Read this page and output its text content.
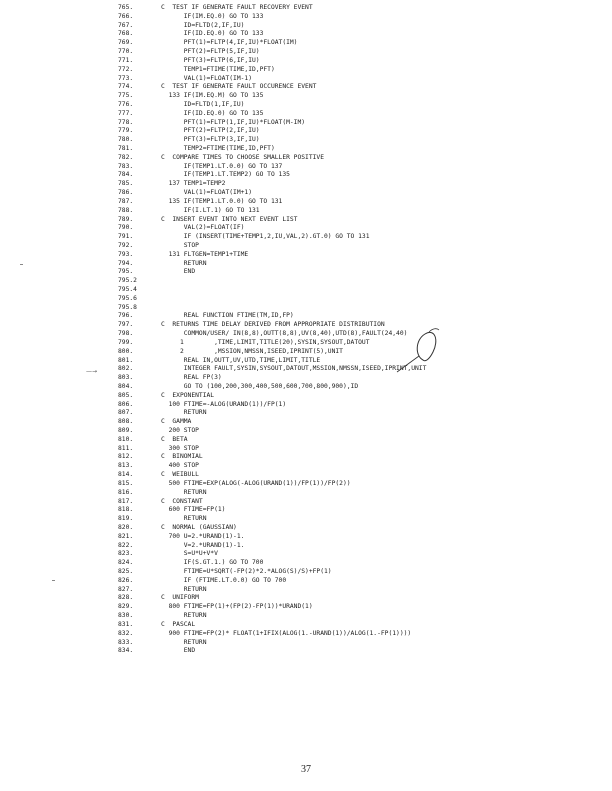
765.	C  TEST IF GENERATE FAULT RECOVERY EVENT
766.	IF(IM.EQ.0) GO TO 133
767.	ID=FLTD(2,IF,IU)
768.	IF(ID.EQ.0) GO TO 133
769.	PFT(1)=FLTP(4,IF,IU)*FLOAT(IM)
770.	PFT(2)=FLTP(5,IF,IU)
771.	PFT(3)=FLTP(6,IF,IU)
772.	TEMP1=FTIME(TIME,ID,PFT)
773.	VAL(1)=FLOAT(IM-1)
774.	C  TEST IF GENERATE FAULT OCCURENCE EVENT
775.	133 IF(IM.EQ.M) GO TO 135
776.	ID=FLTD(1,IF,IU)
777.	IF(ID.EQ.0) GO TO 135
778.	PFT(1)=FLTP(1,IF,IU)*FLOAT(M-IM)
779.	PFT(2)=FLTP(2,IF,IU)
780.	PFT(3)=FLTP(3,IF,IU)
781.	TEMP2=FTIME(TIME,ID,PFT)
782.	C  COMPARE TIMES TO CHOOSE SMALLER POSITIVE
783.	IF(TEMP1.LT.0.0) GO TO 137
784.	IF(TEMP1.LT.TEMP2) GO TO 135
785.	137 TEMP1=TEMP2
786.	VAL(1)=FLOAT(IM+1)
787.	135 IF(TEMP1.LT.0.0) GO TO 131
788.	IF(I.LT.1) GO TO 131
789.	C  INSERT EVENT INTO NEXT EVENT LIST
790.	VAL(2)=FLOAT(IF)
791.	IF (INSERT(TIME+TEMP1,2,IU,VAL,2).GT.0) GO TO 131
792.	STOP
793.	131 FLTGEN=TEMP1+TIME
794.	RETURN
795.	END
795.2
795.4
795.6
795.8
796.	REAL FUNCTION FTIME(TM,ID,FP)
797.	C  RETURNS TIME DELAY DERIVED FROM APPROPRIATE DISTRIBUTION
798.	COMMON/USER/ IN(8,8),OUTT(8,8),UV(8,40),UTD(8),FAULT(24,40)
799.	1        ,TIME,LIMIT,TITLE(20),SYSIN,SYSOUT,DATOUT
800.	2        ,MSSION,NMSSN,ISEED,IPRINT(5),UNIT
801.	REAL IN,OUTT,UV,UTD,TIME,LIMIT,TITLE
802.	INTEGER FAULT,SYSIN,SYSOUT,DATOUT,MSSION,NMSSN,ISEED,IPRINT,UNIT
803.	REAL FP(3)
804.	GO TO (100,200,300,400,500,600,700,800,900),ID
805.	C  EXPONENTIAL
806.	100 FTIME=-ALOG(URAND(1))/FP(1)
807.	RETURN
808.	C  GAMMA
809.	200 STOP
810.	C  BETA
811.	300 STOP
812.	C  BINOMIAL
813.	400 STOP
814.	C  WEIBULL
815.	500 FTIME=EXP(ALOG(-ALOG(URAND(1))/FP(1))/FP(2))
816.	RETURN
817.	C  CONSTANT
818.	600 FTIME=FP(1)
819.	RETURN
820.	C  NORMAL (GAUSSIAN)
821.	700 U=2.*URAND(1)-1.
822.	V=2.*URAND(1)-1.
823.	S=U*U+V*V
824.	IF(S.GT.1.) GO TO 700
825.	FTIME=U*SQRT(-FP(2)*2.*ALOG(S)/S)+FP(1)
826.	IF (FTIME.LT.0.0) GO TO 700
827.	RETURN
828.	C  UNIFORM
829.	800 FTIME=FP(1)+(FP(2)-FP(1))*URAND(1)
830.	RETURN
831.	C  PASCAL
832.	900 FTIME=FP(2)* FLOAT(1+IFIX(ALOG(1.-URAND(1))/ALOG(1.-FP(1))))
833.	RETURN
834.	END
37
—→
